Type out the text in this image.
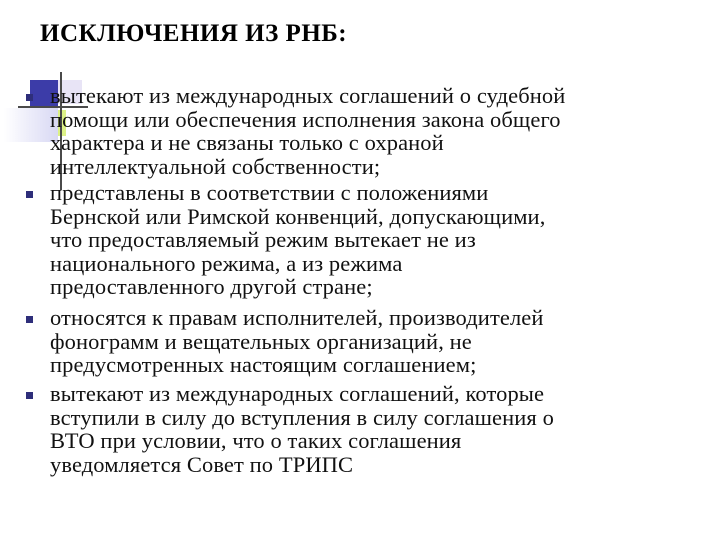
ИСКЛЮЧЕНИЯ ИЗ РНБ:
вытекают из международных соглашений о судебной
помощи или обеспечения исполнения закона общего
характера и не связаны только с охраной
интеллектуальной собственности;
представлены в соответствии с положениями
Бернской или Римской конвенций, допускающими,
что предоставляемый режим вытекает не из
национального режима, а из режима
предоставленного другой стране;
относятся к правам исполнителей, производителей
фонограмм и вещательных организаций, не
предусмотренных настоящим соглашением;
вытекают из международных соглашений, которые
вступили в силу до вступления в силу соглашения о
ВТО при условии, что о таких соглашения
уведомляется Совет по ТРИПС
